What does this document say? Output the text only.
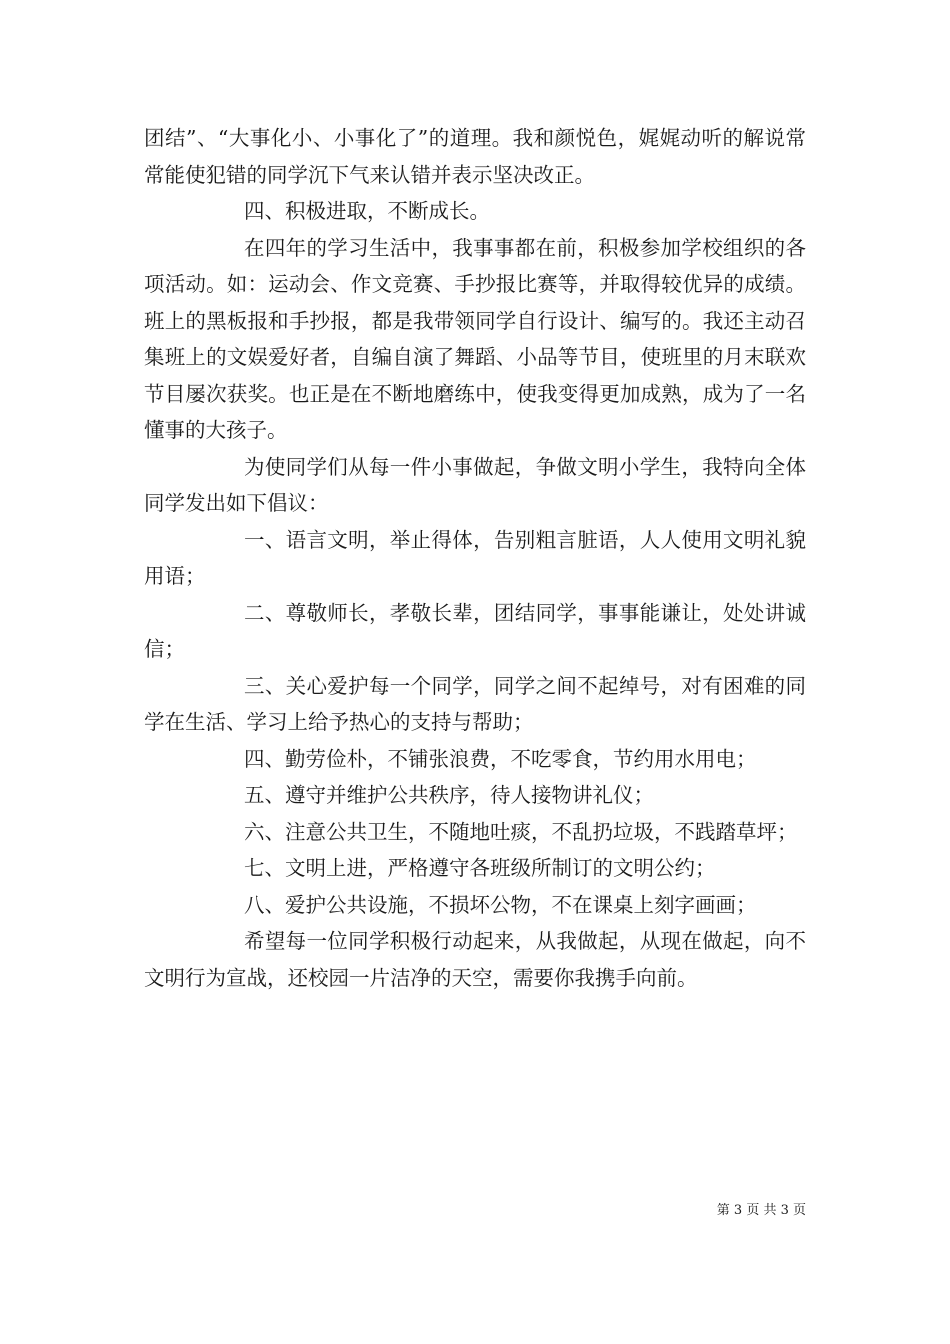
团结”、“大事化小、小事化了”的道理。我和颜悦色，娓娓动听的解说常常能使犯错的同学沉下气来认错并表示坚决改正。

四、积极进取，不断成长。

在四年的学习生活中，我事事都在前，积极参加学校组织的各项活动。如：运动会、作文竞赛、手抄报比赛等，并取得较优异的成绩。班上的黑板报和手抄报，都是我带领同学自行设计、编写的。我还主动召集班上的文娱爱好者，自编自演了舞蹈、小品等节目，使班里的月末联欢节目屡次获奖。也正是在不断地磨练中，使我变得更加成熟，成为了一名懂事的大孩子。

为使同学们从每一件小事做起，争做文明小学生，我特向全体同学发出如下倡议：

一、语言文明，举止得体，告别粗言脏语，人人使用文明礼貌用语；

二、尊敬师长，孝敬长辈，团结同学，事事能谦让，处处讲诚信；

三、关心爱护每一个同学，同学之间不起绰号，对有困难的同学在生活、学习上给予热心的支持与帮助；

四、勤劳俭朴，不铺张浪费，不吃零食，节约用水用电；

五、遵守并维护公共秩序，待人接物讲礼仪；

六、注意公共卫生，不随地吐痰，不乱扔垃圾，不践踏草坪；

七、文明上进，严格遵守各班级所制订的文明公约；

八、爱护公共设施，不损坏公物，不在课桌上刻字画画；

希望每一位同学积极行动起来，从我做起，从现在做起，向不文明行为宣战，还校园一片洁净的天空，需要你我携手向前。

第 3 页 共 3 页
